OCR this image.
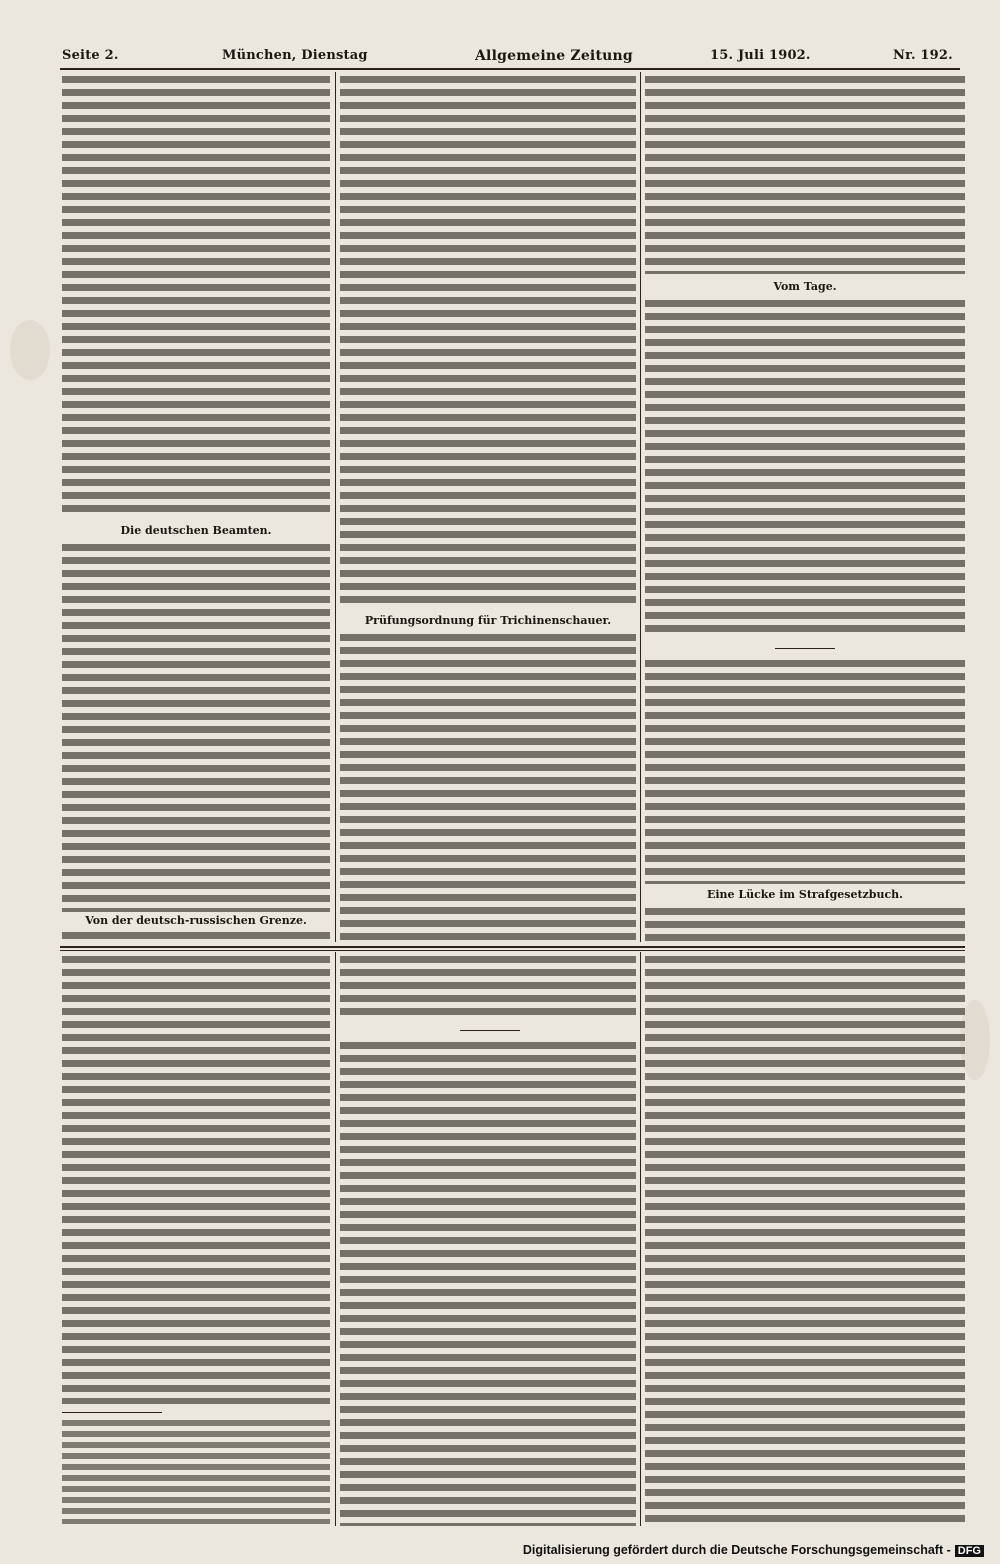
Seite 2.	München, Dienstag	Allgemeine Zeitung	15. Juli 1902.	Nr. 192.
Die deutschen Beamten.
Von der deutsch-russischen Grenze.
Prüfungsordnung für Trichinenschauer.
Vom Tage.
Eine Lücke im Strafgesetzbuch.
Digitalisierung gefördert durch die Deutsche Forschungsgemeinschaft - DFG
